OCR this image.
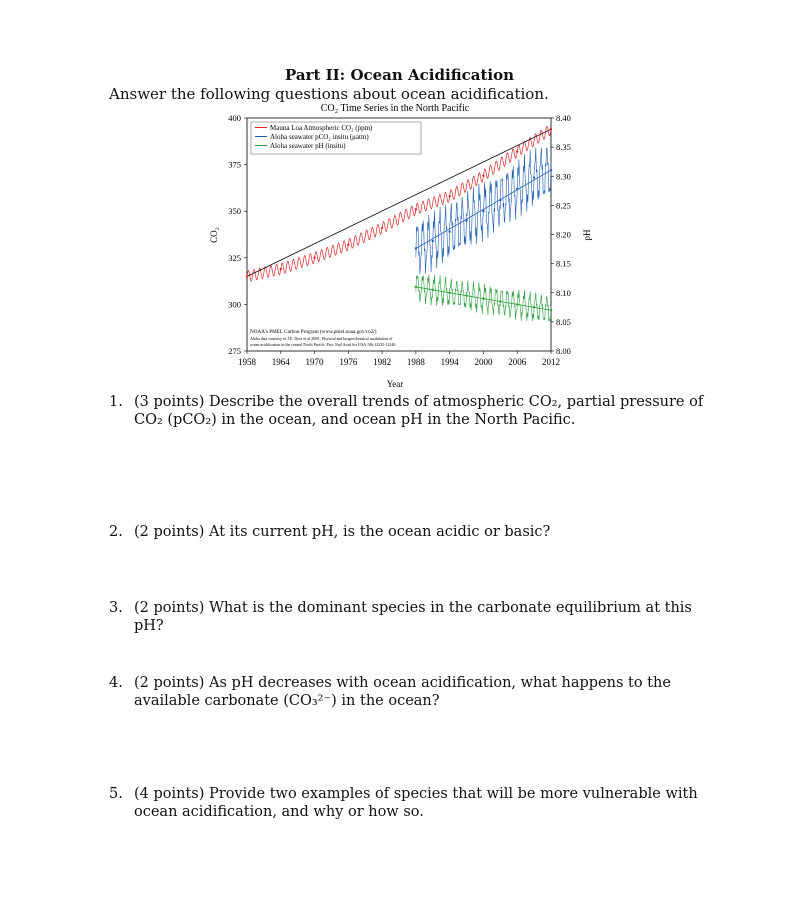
Part II: Ocean Acidification
Answer the following questions about ocean acidification.
CO₂ Time Series in the North Pacific
1958 1964 1970 1976 1982 1988 1994 2000 2006 2012
400
375
350
325
300
275
8.40
8.35
8.30
8.25
8.20
8.15
8.10
8.05
8.00
Mauna Loa Atmospheric CO₂ (ppm)
Aloha seawater pCO₂ insitu (μatm)
Aloha seawater pH (insitu)
NOAA's PMEL Carbon Program (www.pmel.noaa.gov/co2/)
Aloha data courtesy of J.E. Dore et al 2009., Physical and biogeochemical modulation of
ocean acidification in the central North Pacific. Proc Natl Acad Sci USA 106:12235-12240
Year
CO₂	pH
1. (3 points) Describe the overall trends of atmospheric CO₂, partial pressure of CO₂ (pCO₂) in the ocean, and ocean pH in the North Pacific.
2. (2 points) At its current pH, is the ocean acidic or basic?
3. (2 points) What is the dominant species in the carbonate equilibrium at this pH?
4. (2 points) As pH decreases with ocean acidification, what happens to the available carbonate (CO₃²⁻) in the ocean?
5. (4 points) Provide two examples of species that will be more vulnerable with ocean acidification, and why or how so.
